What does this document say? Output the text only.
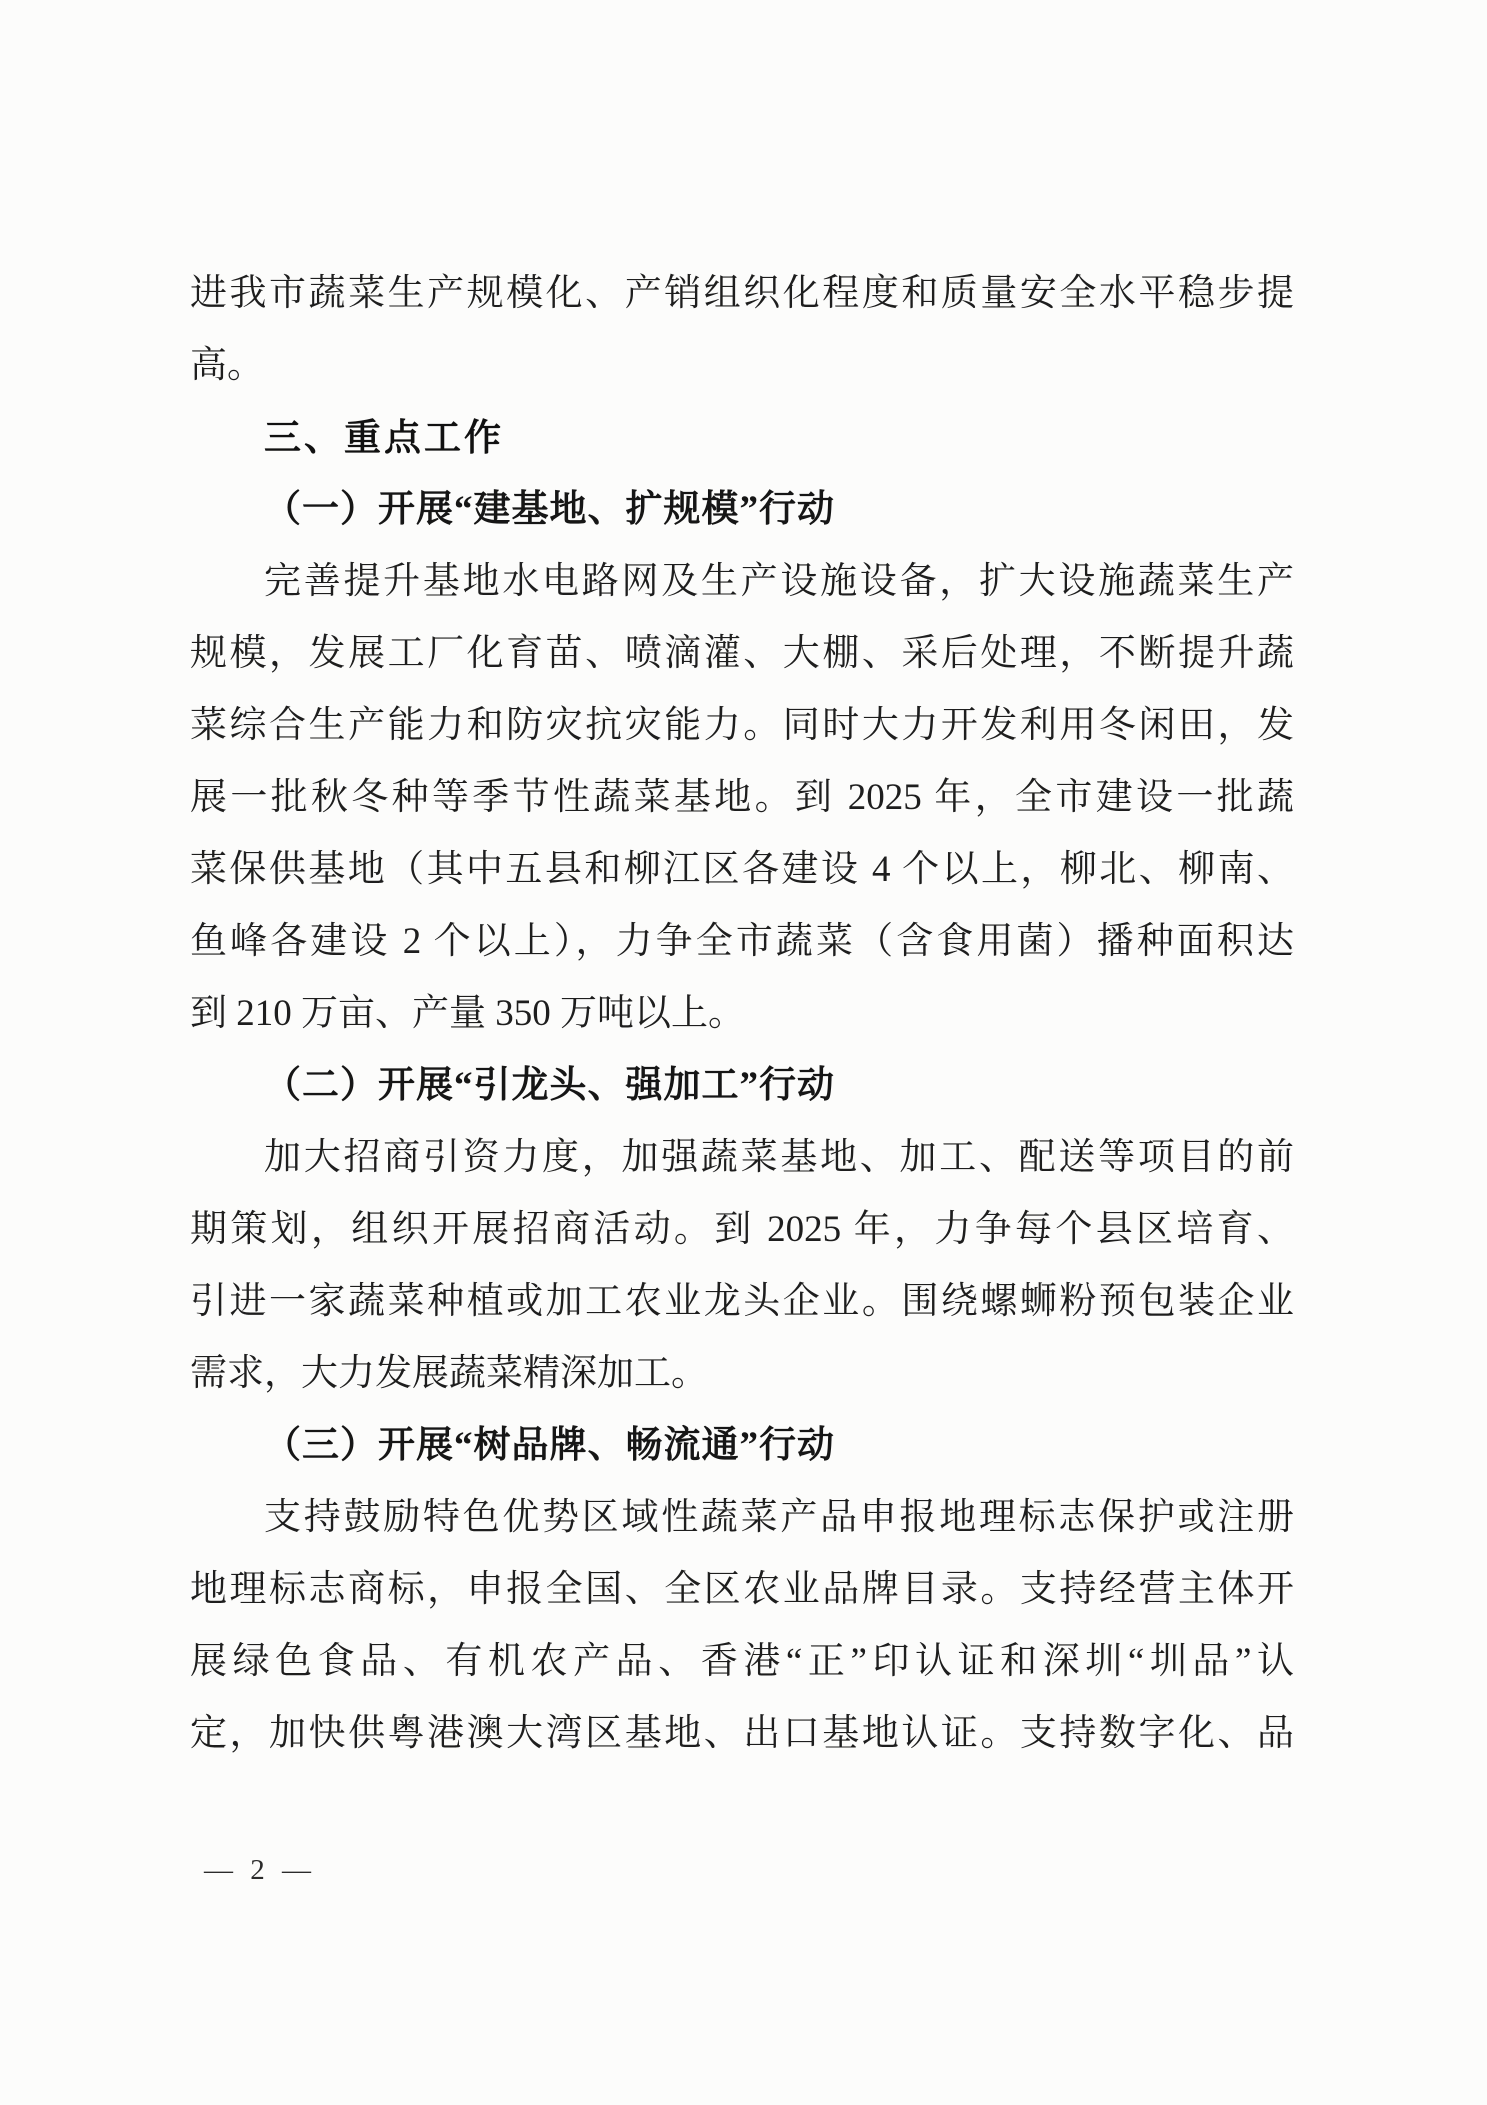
进我市蔬菜生产规模化、产销组织化程度和质量安全水平稳步提
高。
三、重点工作
（一）开展“建基地、扩规模”行动
完善提升基地水电路网及生产设施设备，扩大设施蔬菜生产
规模，发展工厂化育苗、喷滴灌、大棚、采后处理，不断提升蔬
菜综合生产能力和防灾抗灾能力。同时大力开发利用冬闲田，发
展一批秋冬种等季节性蔬菜基地。到 2025 年，全市建设一批蔬
菜保供基地（其中五县和柳江区各建设 4 个以上，柳北、柳南、
鱼峰各建设 2 个以上），力争全市蔬菜（含食用菌）播种面积达
到 210 万亩、产量 350 万吨以上。
（二）开展“引龙头、强加工”行动
加大招商引资力度，加强蔬菜基地、加工、配送等项目的前
期策划，组织开展招商活动。到 2025 年，力争每个县区培育、
引进一家蔬菜种植或加工农业龙头企业。围绕螺蛳粉预包装企业
需求，大力发展蔬菜精深加工。
（三）开展“树品牌、畅流通”行动
支持鼓励特色优势区域性蔬菜产品申报地理标志保护或注册
地理标志商标，申报全国、全区农业品牌目录。支持经营主体开
展绿色食品、有机农产品、香港“正”印认证和深圳“圳品”认
定，加快供粤港澳大湾区基地、出口基地认证。支持数字化、品
— 2 —
